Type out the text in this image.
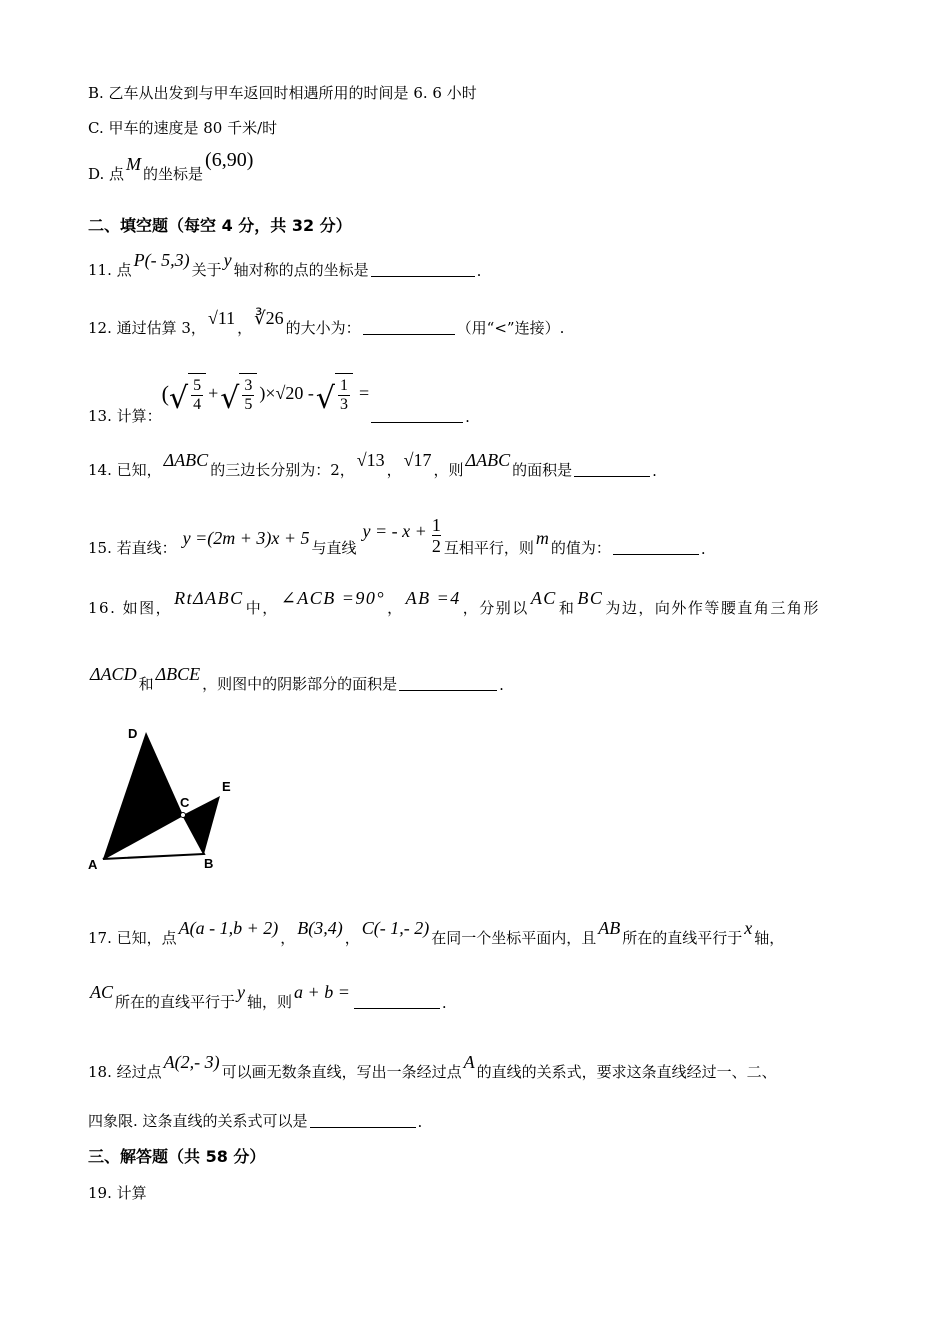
B. 乙车从出发到与甲车返回时相遇所用的时间是 6. 6 小时
C. 甲车的速度是 80 千米/时
D. 点 M 的坐标是
(6,90)
二、填空题（每空 4 分，共 32 分）
11. 点 P(- 5,3) 关于 y 轴对称的点的坐标是	.
12. 通过估算 3， √11 ， ∛26 的大小为：	（用“<”连接）.
13. 计算：
( √ $\frac{5}{4}$ + √ $\frac{3}{5} )\times√20$ - √ $\frac{1}{3}$ =
.
14. 已知， ΔABC 的三边长分别为：2， √13 ， √17 ，则 ΔABC 的面积是	.
15. 若直线： y =(2m + 3)x + 5 与直线
y = - $x + \frac{1}{2}$ 互相平行，则 m 的值为：	.
16. 如图， RtΔABC 中， ∠ACB =90° ， AB =4 ，分别以 AC 和 BC 为边，向外作等腰直角三角形
ΔACD 和 ΔBCE ，则图中的阴影部分的面积是	.
D
C
E
A	B
17. 已知，点 A(a - 1,b + 2) ， B(3,4) ， C(- 1,- 2) 在同一个坐标平面内，且 AB 所在的直线平行于 x 轴，
AC 所在的直线平行于 y 轴，则 a + b =
.
18. 经过点 A(2,- 3) 可以画无数条直线，写出一条经过点 A 的直线的关系式，要求这条直线经过一、二、
四象限. 这条直线的关系式可以是	.
三、解答题（共 58 分）
19. 计算
